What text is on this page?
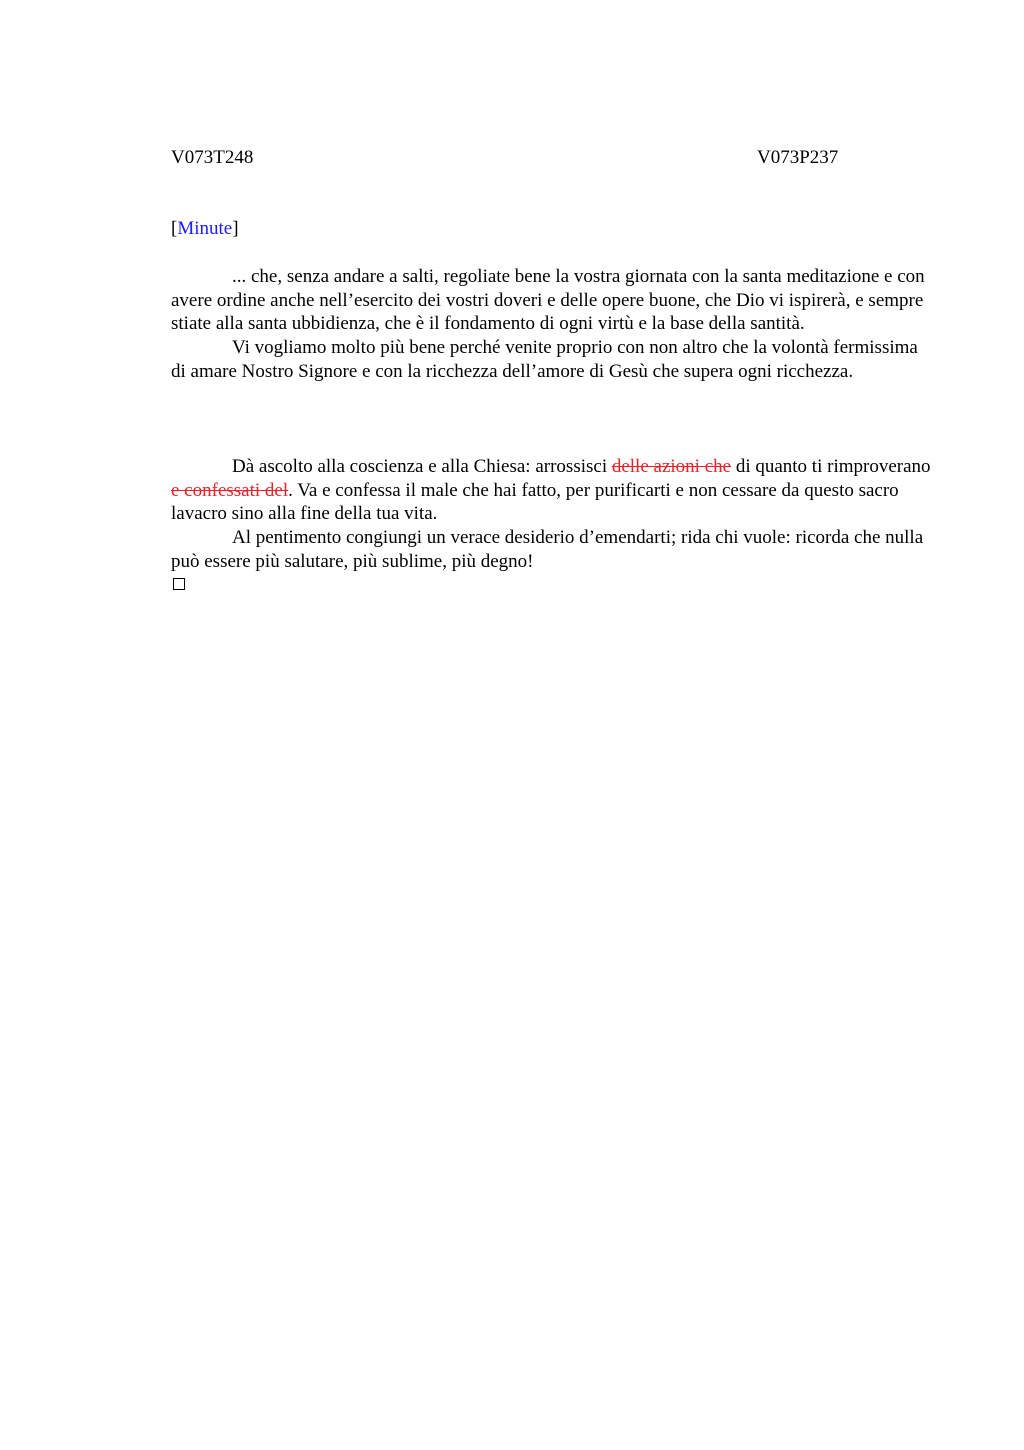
V073T248	V073P237
[Minute]

... che, senza andare a salti, regoliate bene la vostra giornata con la santa meditazione e con avere ordine anche nell’esercito dei vostri doveri e delle opere buone, che Dio vi ispirerà, e sempre stiate alla santa ubbidienza, che è il fondamento di ogni virtù e la base della santità.

Vi vogliamo molto più bene perché venite proprio con non altro che la volontà fermissima di amare Nostro Signore e con la ricchezza dell’amore di Gesù che supera ogni ricchezza.

Dà ascolto alla coscienza e alla Chiesa: arrossisci delle azioni che di quanto ti rimproverano e confessati del. Va e confessa il male che hai fatto, per purificarti e non cessare da questo sacro lavacro sino alla fine della tua vita.

Al pentimento congiungi un verace desiderio d’emendarti; rida chi vuole: ricorda che nulla può essere più salutare, più sublime, più degno!
